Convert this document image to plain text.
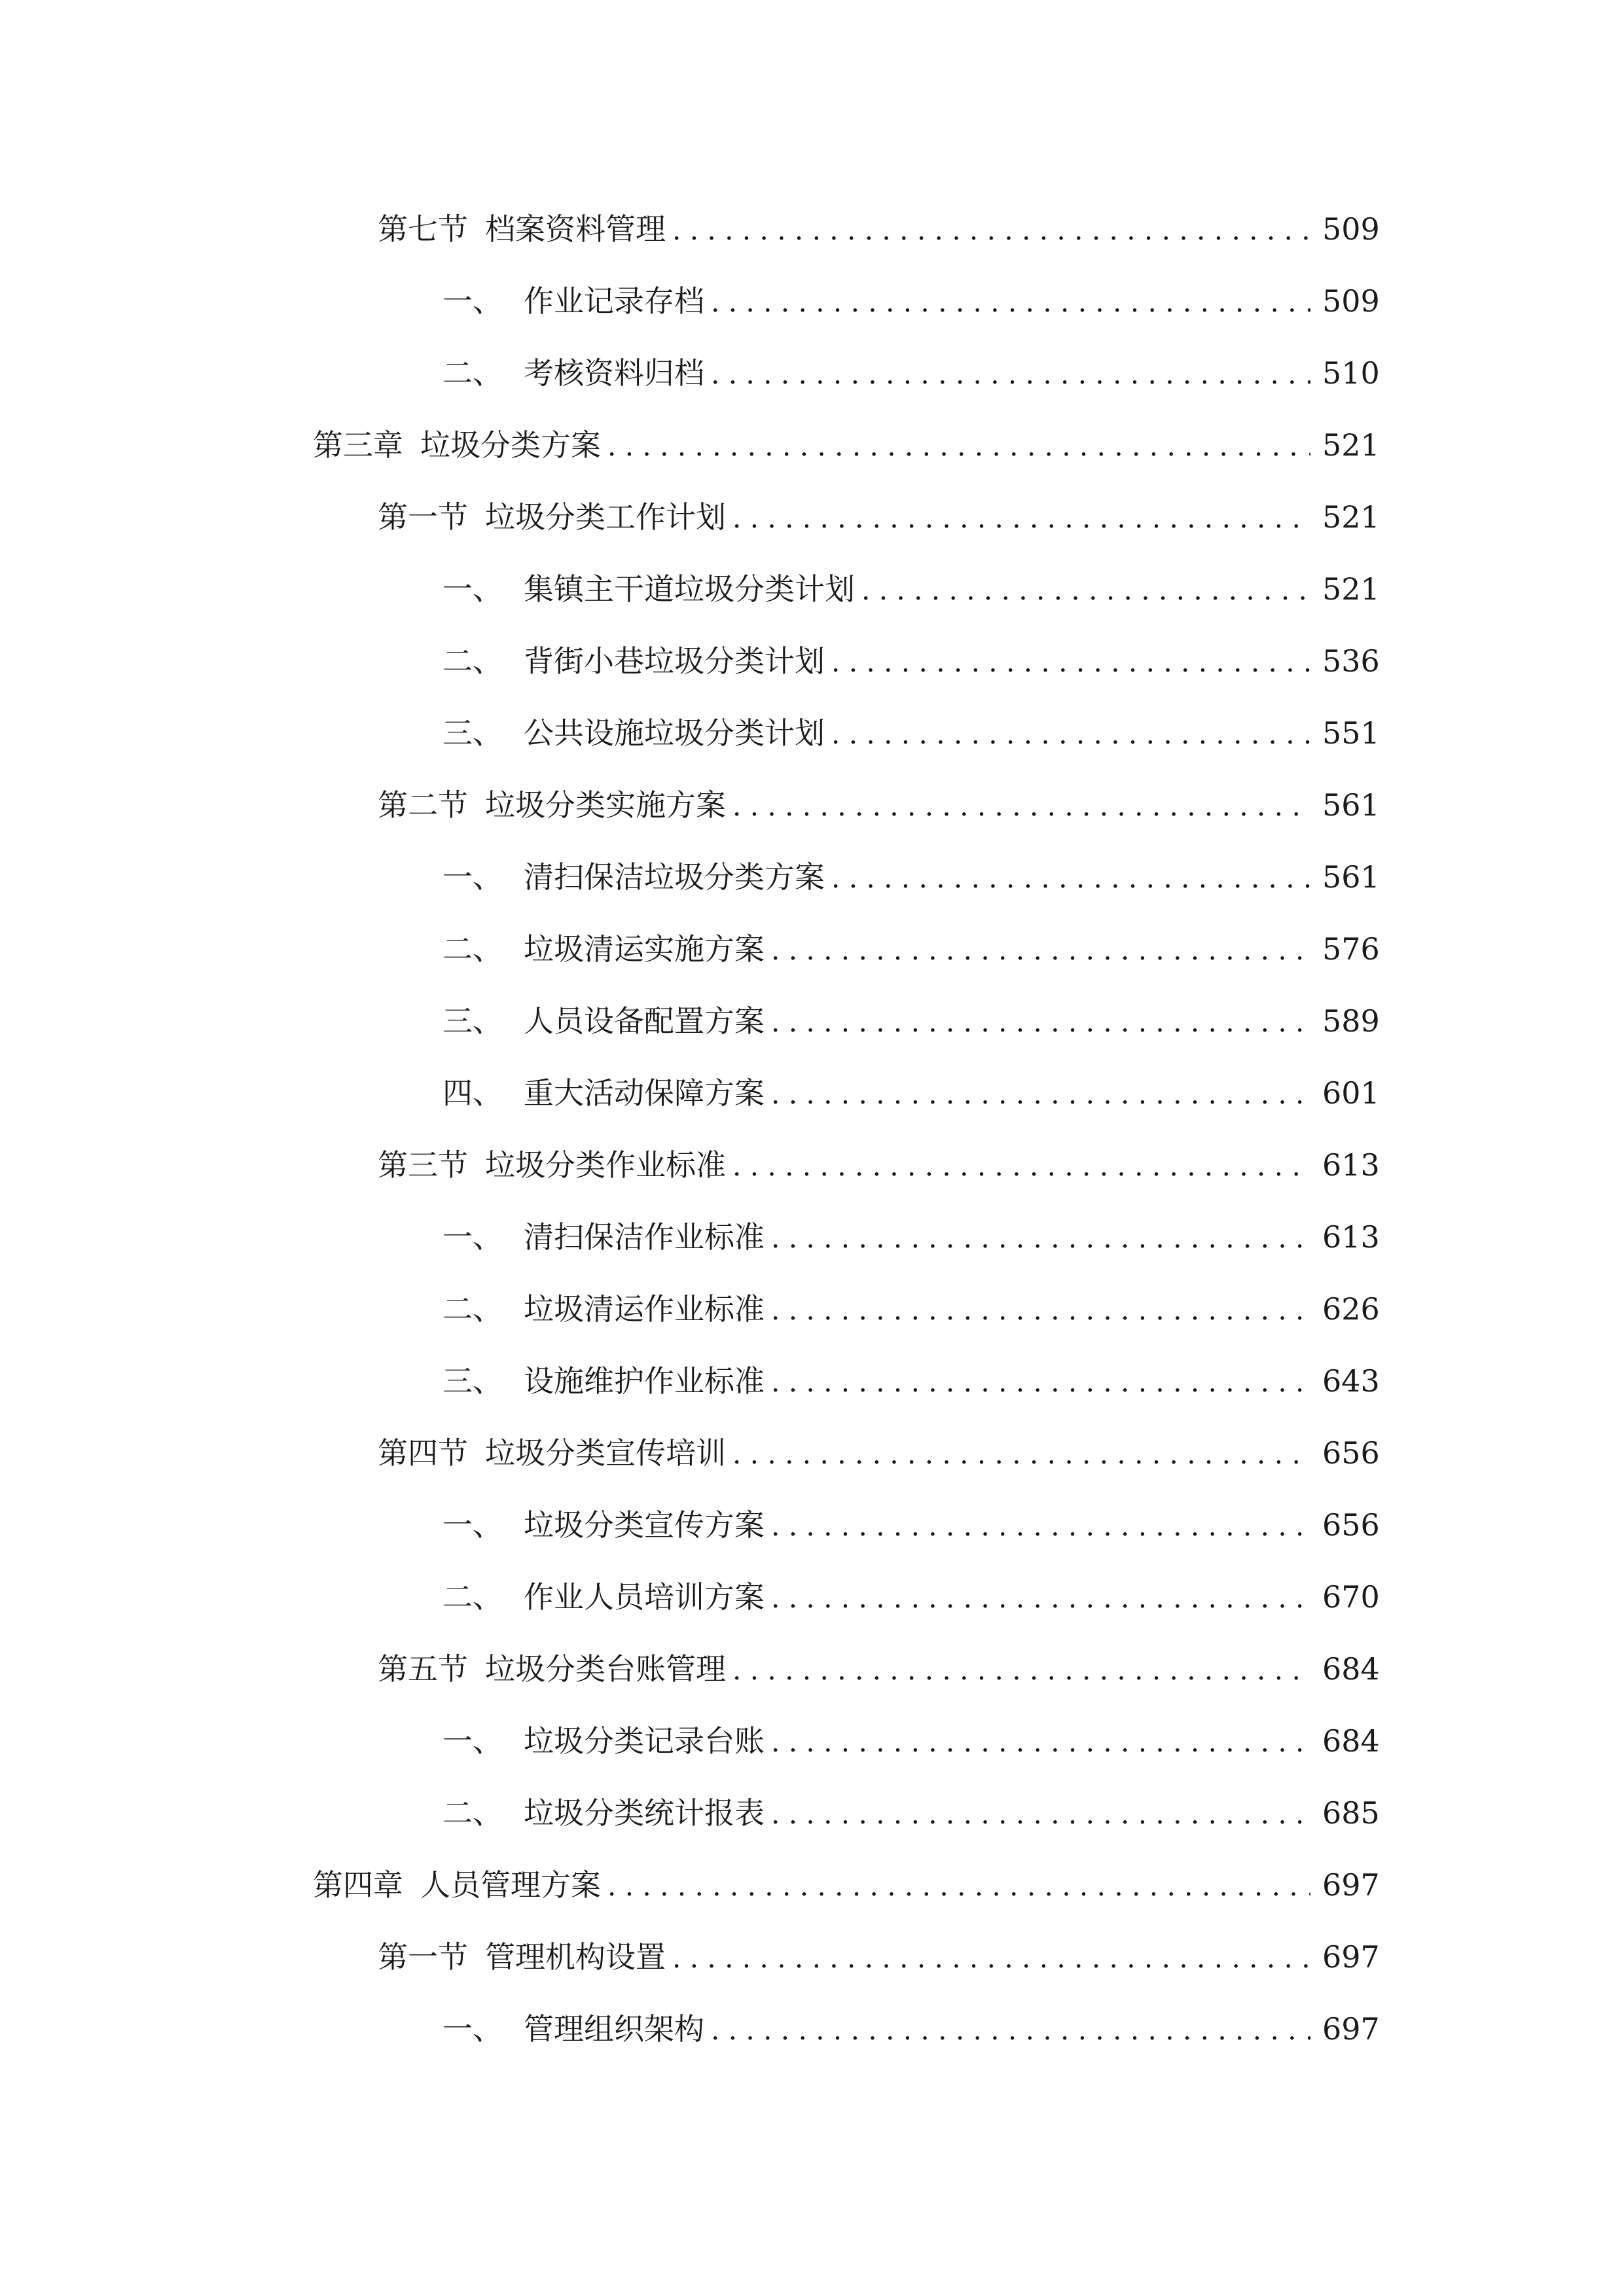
第七节 档案资料管理 . . .	509
一、 作业记录存档 . . .	509
二、 考核资料归档 . . .	510
第三章 垃圾分类方案 . . .	521
第一节 垃圾分类工作计划 . . .	521
一、 集镇主干道垃圾分类计划 . . .	521
二、 背街小巷垃圾分类计划 . . .	536
三、 公共设施垃圾分类计划 . . .	551
第二节 垃圾分类实施方案 . . .	561
一、 清扫保洁垃圾分类方案 . . .	561
二、 垃圾清运实施方案 . . .	576
三、 人员设备配置方案 . . .	589
四、 重大活动保障方案 . . .	601
第三节 垃圾分类作业标准 . . .	613
一、 清扫保洁作业标准 . . .	613
二、 垃圾清运作业标准 . . .	626
三、 设施维护作业标准 . . .	643
第四节 垃圾分类宣传培训 . . .	656
一、 垃圾分类宣传方案 . . .	656
二、 作业人员培训方案 . . .	670
第五节 垃圾分类台账管理 . . .	684
一、 垃圾分类记录台账 . . .	684
二、 垃圾分类统计报表 . . .	685
第四章 人员管理方案 . . .	697
第一节 管理机构设置 . . .	697
一、 管理组织架构 . . .	697
